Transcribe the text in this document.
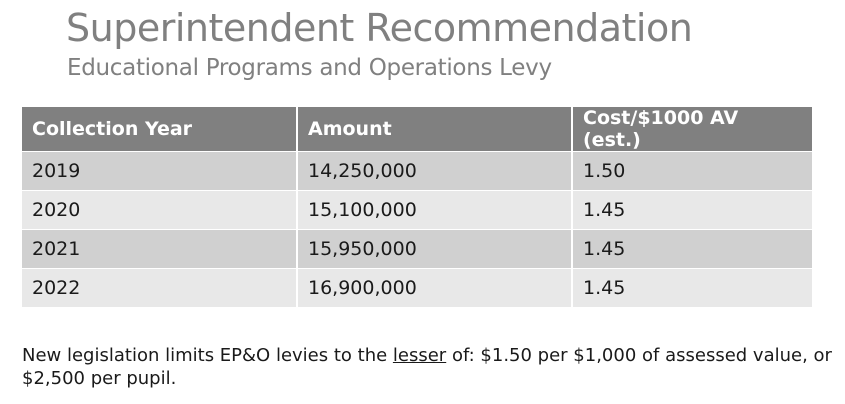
Superintendent Recommendation
Educational Programs and Operations Levy
Collection Year	Amount	Cost/$1000 AV (est.)
2019	14,250,000	1.50
2020	15,100,000	1.45
2021	15,950,000	1.45
2022	16,900,000	1.45
New legislation limits EP&O levies to the lesser of: $1.50 per $1,000 of assessed value, or $2,500 per pupil.
